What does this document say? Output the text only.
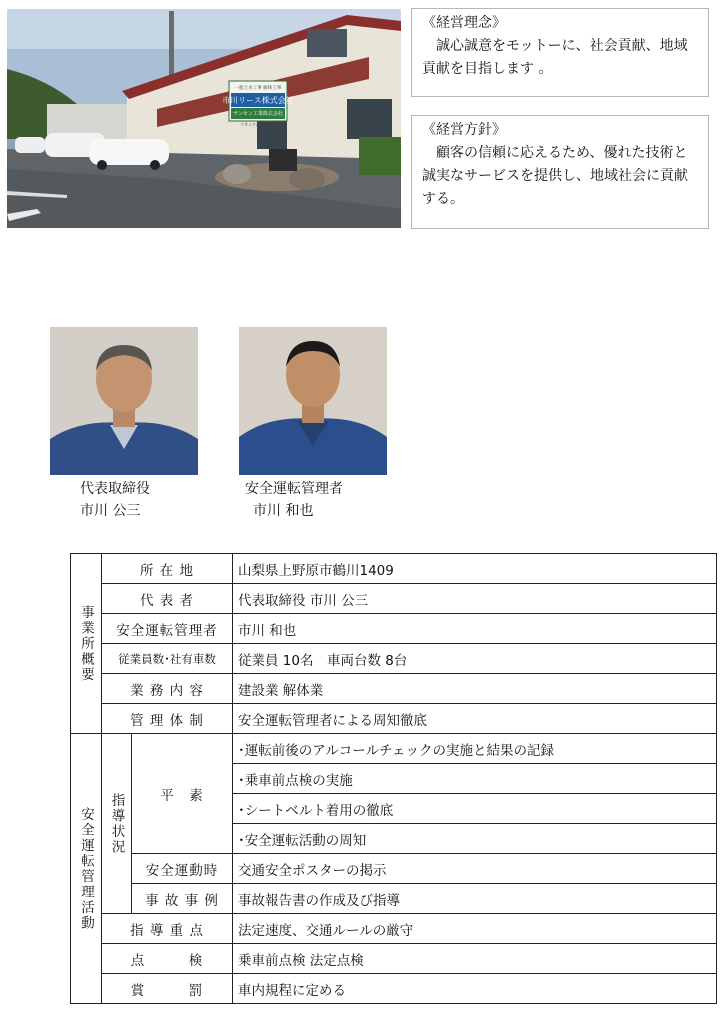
一般土木工事 解体工事
市川リース株式会社
サンセン工業株式会社
リサイクルセンター
《経営理念》
誠心誠意をモットーに、社会貢献、地域貢献を目指します 。
《経営方針》
顧客の信頼に応えるため、優れた技術と誠実なサービスを提供し、地域社会に貢献する。
代表取締役
市川 公三
安全運転管理者
市川 和也
事業所概要	所 在 地		山梨県上野原市鶴川1409
	代 表 者		代表取締役 市川 公三
	安全運転管理者		市川 和也
	従業員数･社有車数		従業員 10名　車両台数 8台
	業 務 内 容		建設業 解体業
	管 理 体 制		安全運転管理者による周知徹底
安全運転管理活動	指導状況	平　素	･運転前後のアルコールチェックの実施と結果の記録
			･乗車前点検の実施
			･シートベルト着用の徹底
			･安全運転活動の周知
		安全運動時	交通安全ポスターの掲示
		事 故 事 例	事故報告書の作成及び指導
	指 導 重 点		法定速度、交通ルールの厳守
	点　　　検		乗車前点検 法定点検
	賞　　　罰		車内規程に定める
